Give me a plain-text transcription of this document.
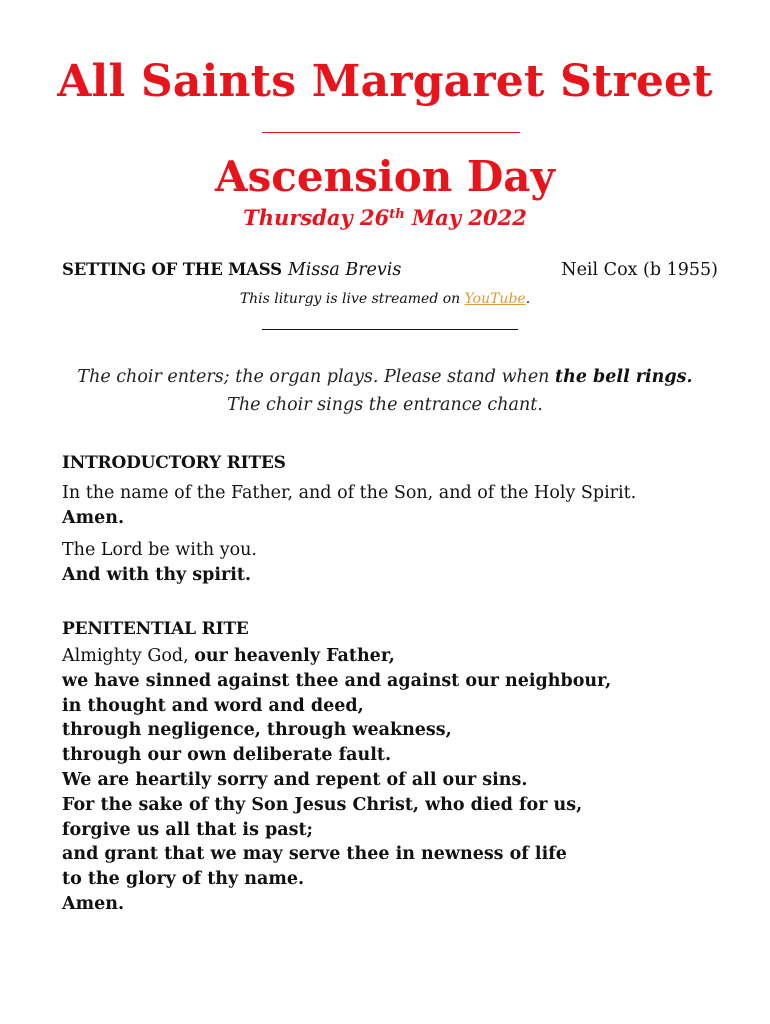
All Saints Margaret Street
Ascension Day
Thursday 26th May 2022
SETTING OF THE MASS Missa Brevis	Neil Cox (b 1955)
This liturgy is live streamed on YouTube.
The choir enters; the organ plays. Please stand when the bell rings.
The choir sings the entrance chant.
INTRODUCTORY RITES
In the name of the Father, and of the Son, and of the Holy Spirit.
Amen.
The Lord be with you.
And with thy spirit.
PENITENTIAL RITE
Almighty God, our heavenly Father,
we have sinned against thee and against our neighbour,
in thought and word and deed,
through negligence, through weakness,
through our own deliberate fault.
We are heartily sorry and repent of all our sins.
For the sake of thy Son Jesus Christ, who died for us,
forgive us all that is past;
and grant that we may serve thee in newness of life
to the glory of thy name.
Amen.
